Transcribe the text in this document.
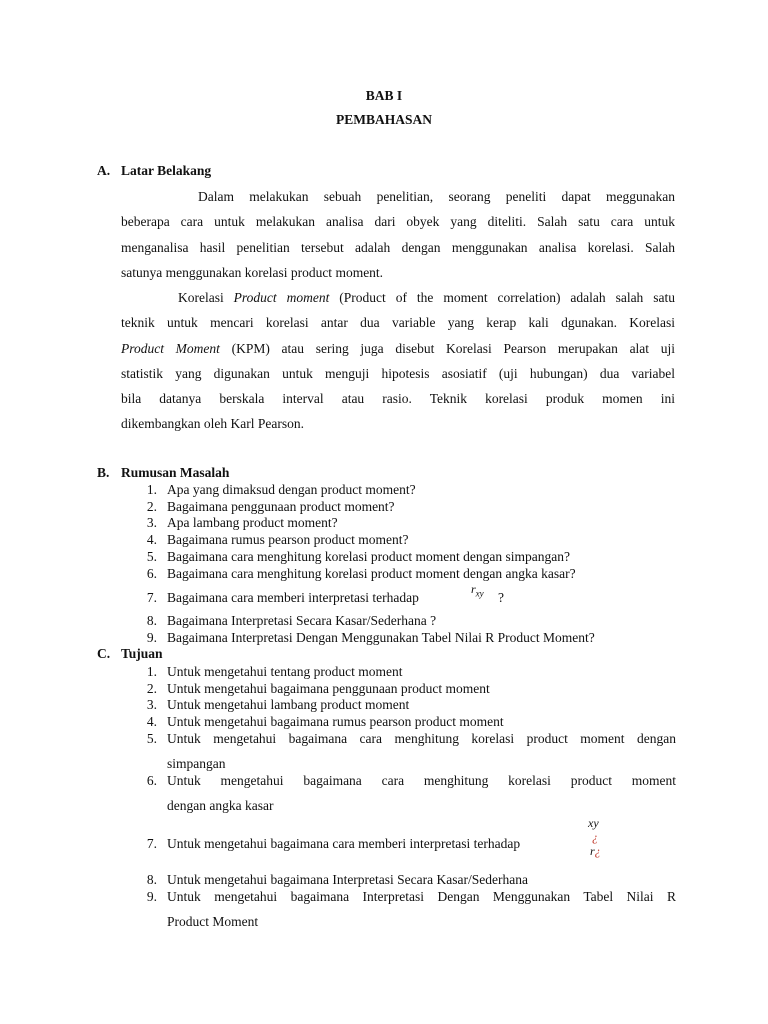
BAB I
PEMBAHASAN
A. Latar Belakang
Dalam melakukan sebuah penelitian, seorang peneliti dapat meggunakan
beberapa cara untuk melakukan analisa dari obyek yang diteliti. Salah satu cara untuk
menganalisa hasil penelitian tersebut adalah dengan menggunakan analisa korelasi. Salah
satunya menggunakan korelasi product moment.
Korelasi Product moment (Product of the moment correlation) adalah salah satu
teknik untuk mencari korelasi antar dua variable yang kerap kali dgunakan. Korelasi
Product Moment (KPM) atau sering juga disebut Korelasi Pearson merupakan alat uji
statistik yang digunakan untuk menguji hipotesis asosiatif (uji hubungan) dua variabel
bila datanya berskala interval atau rasio. Teknik korelasi produk momen ini
dikembangkan oleh Karl Pearson.
B. Rumusan Masalah
1. Apa yang dimaksud dengan product moment?
2. Bagaimana penggunaan product moment?
3. Apa lambang product moment?
4. Bagaimana rumus pearson product moment?
5. Bagaimana cara menghitung korelasi product moment dengan simpangan?
6. Bagaimana cara menghitung korelasi product moment dengan angka kasar?
7. Bagaimana cara memberi interpretasi terhadap
$r_{xy}$ ?
8. Bagaimana Interpretasi Secara Kasar/Sederhana ?
9. Bagaimana Interpretasi Dengan Menggunakan Tabel Nilai R Product Moment?
C. Tujuan
1. Untuk mengetahui tentang product moment
2. Untuk mengetahui bagaimana penggunaan product moment
3. Untuk mengetahui lambang product moment
4. Untuk mengetahui bagaimana rumus pearson product moment
5. Untuk mengetahui bagaimana cara menghitung korelasi product moment dengan
simpangan
6. Untuk mengetahui bagaimana cara menghitung korelasi product moment
dengan angka kasar
7. Untuk mengetahui bagaimana cara memberi interpretasi terhadap
xy
¿
r¿
8. Untuk mengetahui bagaimana Interpretasi Secara Kasar/Sederhana
9. Untuk mengetahui bagaimana Interpretasi Dengan Menggunakan Tabel Nilai R
Product Moment
